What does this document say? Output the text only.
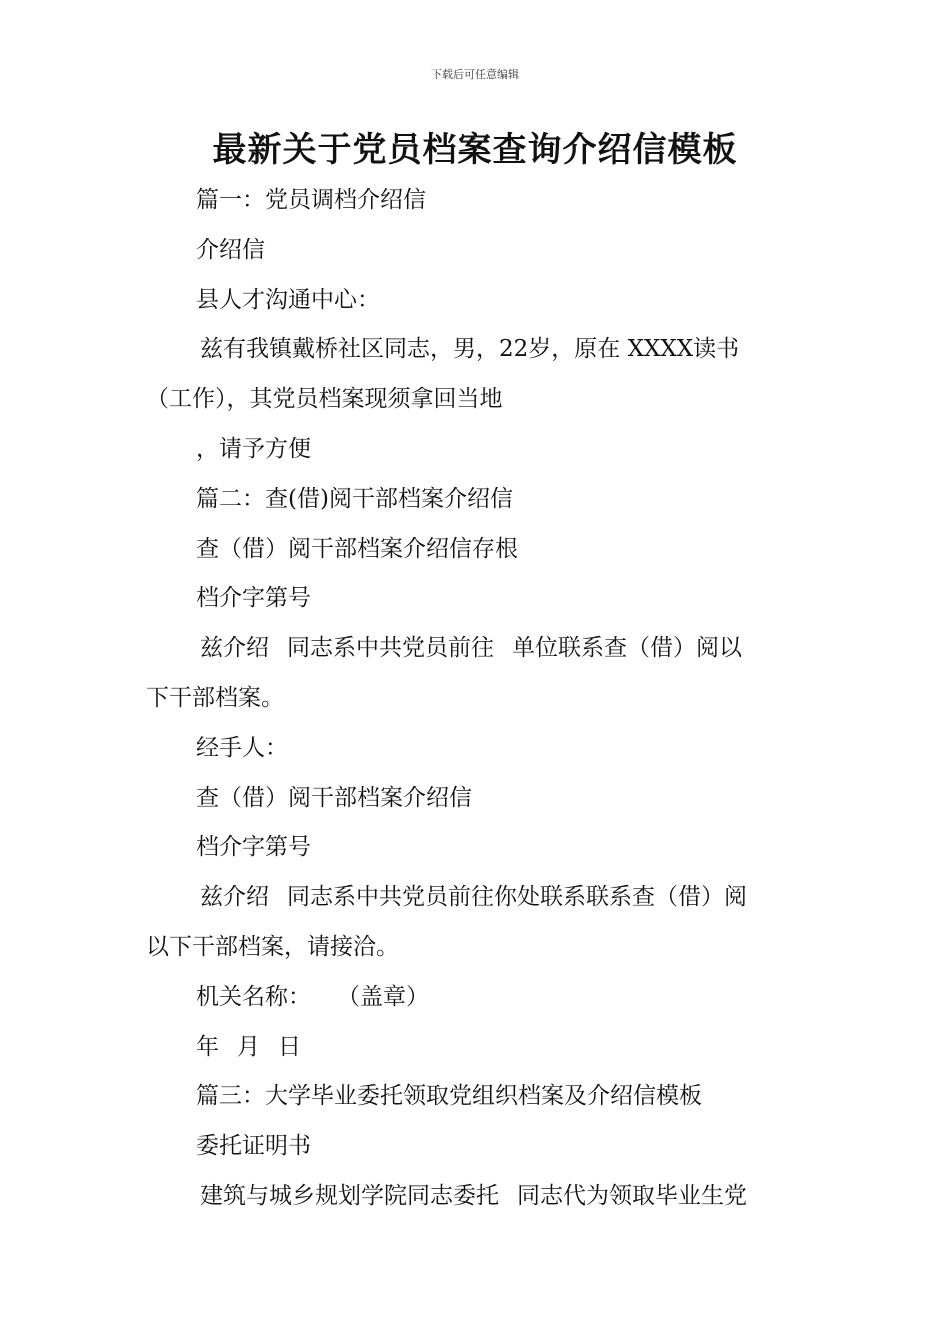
下载后可任意编辑
最新关于党员档案查询介绍信模板
篇一：党员调档介绍信
介绍信
县人才沟通中心：
兹有我镇戴桥社区同志，男，22岁，原在 XXXX读书
（工作），其党员档案现须拿回当地
，请予方便
篇二：查(借)阅干部档案介绍信
查（借）阅干部档案介绍信存根
档介字第号
兹介绍 同志系中共党员前往 单位联系查（借）阅以
下干部档案。
经手人：
查（借）阅干部档案介绍信
档介字第号
兹介绍 同志系中共党员前往你处联系联系查（借）阅
以下干部档案，请接洽。
机关名称： （盖章）
年 月 日
篇三：大学毕业委托领取党组织档案及介绍信模板
委托证明书
建筑与城乡规划学院同志委托 同志代为领取毕业生党
